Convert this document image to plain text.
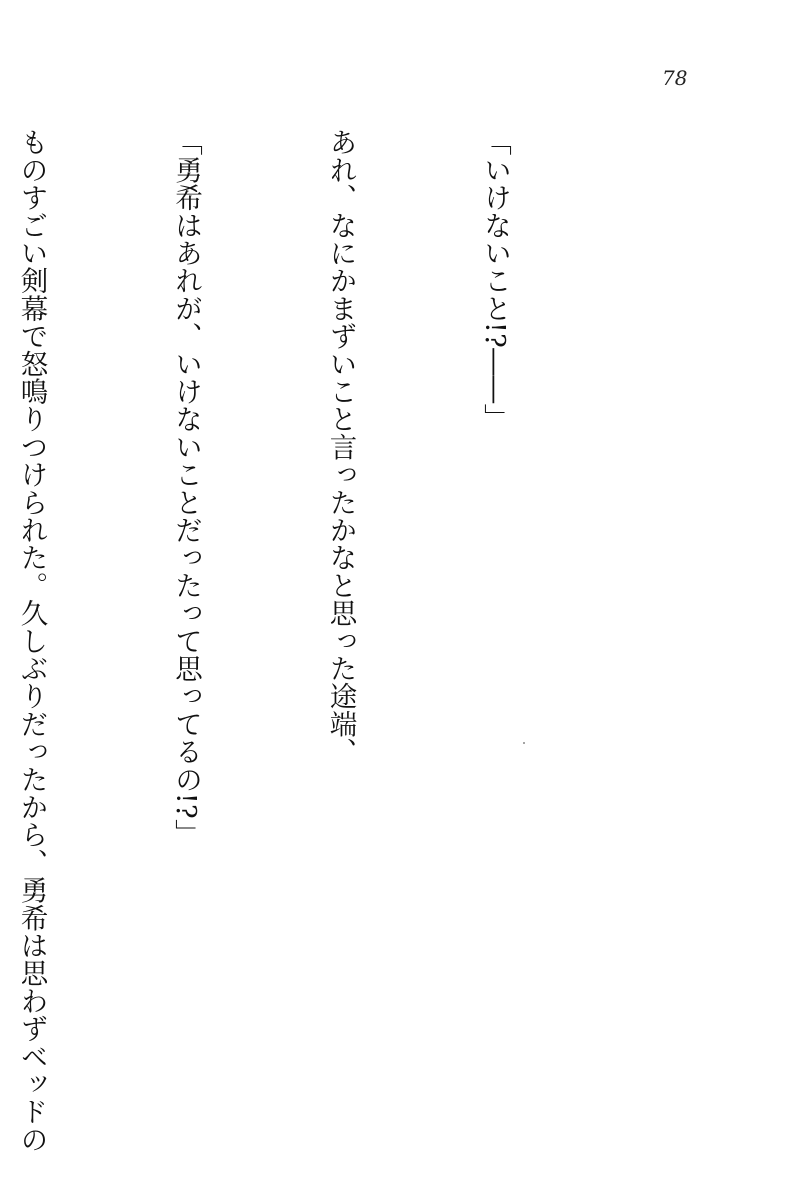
78

「いけないこと!?――」

あれ、なにかまずいこと言ったかなと思った途端、

「勇希はあれが、いけないことだったって思ってるの!?」

ものすごい剣幕で怒鳴りつけられた。久しぶりだったから、勇希は思わずベッドの
